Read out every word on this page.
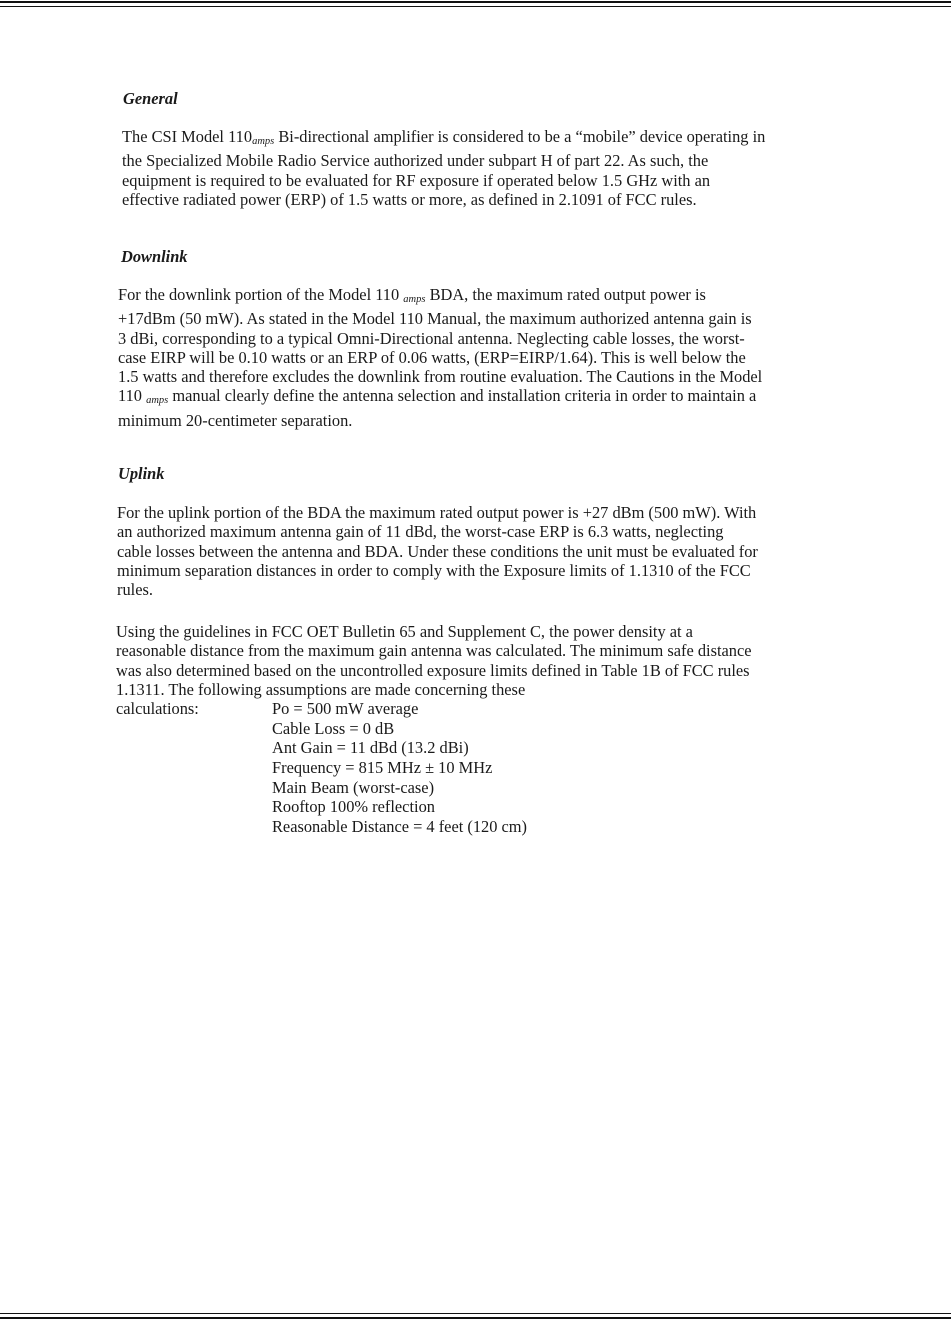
General
The CSI Model 110amps Bi-directional amplifier is considered to be a “mobile” device operating in the Specialized Mobile Radio Service authorized under subpart H of part 22. As such, the equipment is required to be evaluated for RF exposure if operated below 1.5 GHz with an effective radiated power (ERP) of 1.5 watts or more, as defined in 2.1091 of FCC rules.
Downlink
For the downlink portion of the Model 110 amps BDA, the maximum rated output power is +17dBm (50 mW). As stated in the Model 110 Manual, the maximum authorized antenna gain is 3 dBi, corresponding to a typical Omni-Directional antenna. Neglecting cable losses, the worst-case EIRP will be 0.10 watts or an ERP of 0.06 watts, (ERP=EIRP/1.64). This is well below the 1.5 watts and therefore excludes the downlink from routine evaluation. The Cautions in the Model 110 amps manual clearly define the antenna selection and installation criteria in order to maintain a minimum 20-centimeter separation.
Uplink
For the uplink portion of the BDA the maximum rated output power is +27 dBm (500 mW). With an authorized maximum antenna gain of 11 dBd, the worst-case ERP is 6.3 watts, neglecting cable losses between the antenna and BDA. Under these conditions the unit must be evaluated for minimum separation distances in order to comply with the Exposure limits of 1.1310 of the FCC rules.
Using the guidelines in FCC OET Bulletin 65 and Supplement C, the power density at a reasonable distance from the maximum gain antenna was calculated. The minimum safe distance was also determined based on the uncontrolled exposure limits defined in Table 1B of FCC rules 1.1311. The following assumptions are made concerning these
calculations:	Po = 500 mW average
Cable Loss = 0 dB
Ant Gain = 11 dBd (13.2 dBi)
Frequency = 815 MHz ± 10 MHz
Main Beam (worst-case)
Rooftop 100% reflection
Reasonable Distance = 4 feet (120 cm)
